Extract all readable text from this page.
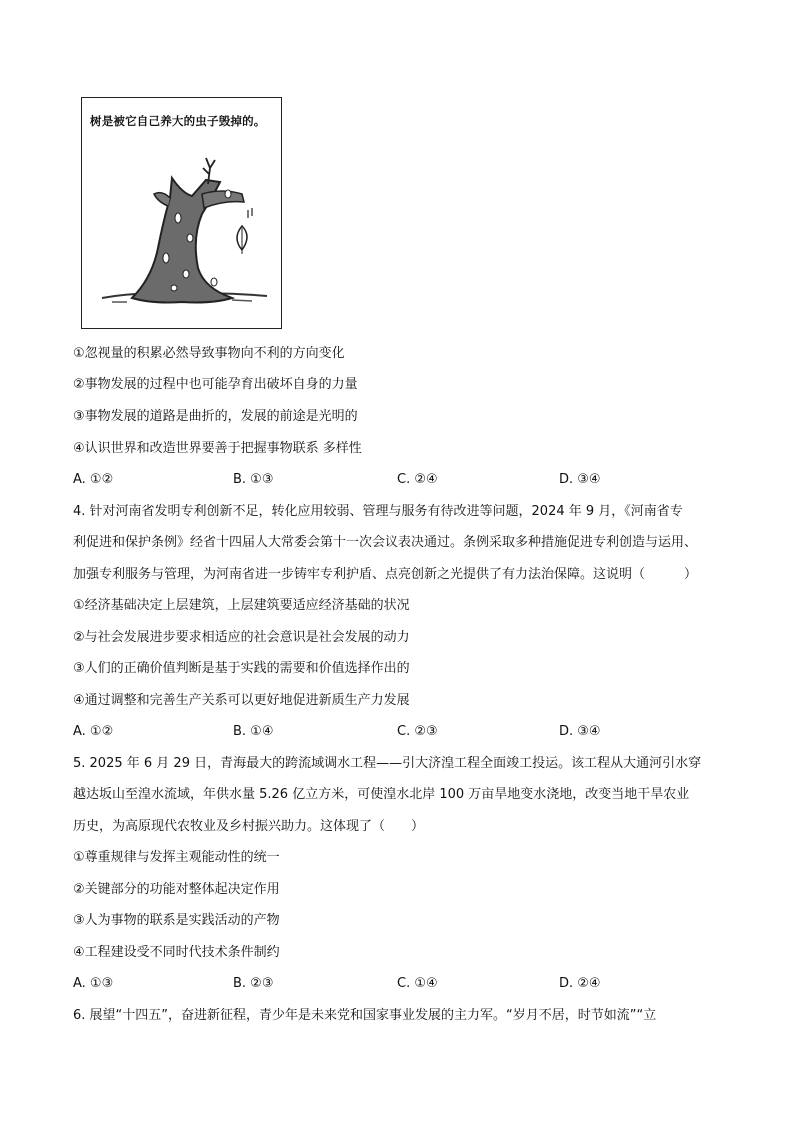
树是被它自己养大的虫子毁掉的。
①忽视量的积累必然导致事物向不利的方向变化
②事物发展的过程中也可能孕育出破坏自身的力量
③事物发展的道路是曲折的，发展的前途是光明的
④认识世界和改造世界要善于把握事物联系 多样性
A. ①②	B. ①③	C. ②④	D. ③④
4. 针对河南省发明专利创新不足，转化应用较弱、管理与服务有待改进等问题，2024 年 9 月，《河南省专
利促进和保护条例》经省十四届人大常委会第十一次会议表决通过。条例采取多种措施促进专利创造与运用、
加强专利服务与管理，为河南省进一步铸牢专利护盾、点亮创新之光提供了有力法治保障。这说明（　　　）
①经济基础决定上层建筑，上层建筑要适应经济基础的状况
②与社会发展进步要求相适应的社会意识是社会发展的动力
③人们的正确价值判断是基于实践的需要和价值选择作出的
④通过调整和完善生产关系可以更好地促进新质生产力发展
A. ①②	B. ①④	C. ②③	D. ③④
5. 2025 年 6 月 29 日，青海最大的跨流域调水工程——引大济湟工程全面竣工投运。该工程从大通河引水穿
越达坂山至湟水流域，年供水量 5.26 亿立方米，可使湟水北岸 100 万亩旱地变水浇地，改变当地干旱农业
历史，为高原现代农牧业及乡村振兴助力。这体现了（　　）
①尊重规律与发挥主观能动性的统一
②关键部分的功能对整体起决定作用
③人为事物的联系是实践活动的产物
④工程建设受不同时代技术条件制约
A. ①③	B. ②③	C. ①④	D. ②④
6. 展望“十四五”，奋进新征程，青少年是未来党和国家事业发展的主力军。“岁月不居，时节如流”“立
